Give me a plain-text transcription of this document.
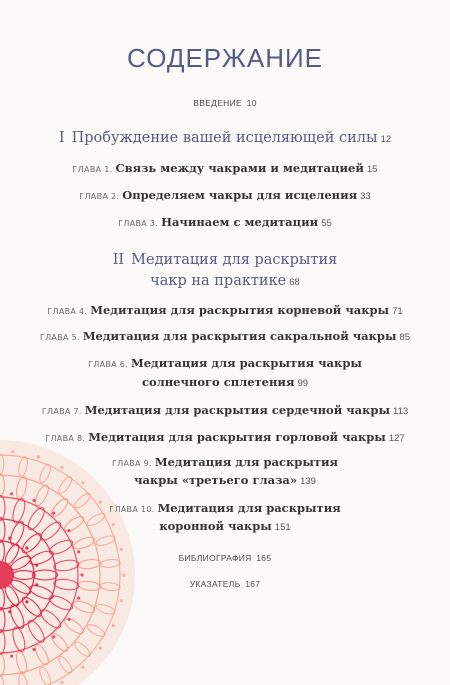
СОДЕРЖАНИЕ
ВВЕДЕНИЕ 10
I Пробуждение вашей исцеляющей силы 12
ГЛАВА 1. Связь между чакрами и медитацией 15
ГЛАВА 2. Определяем чакры для исцеления 33
ГЛАВА 3. Начинаем с медитации 55
II Медитация для раскрытия
чакр на практике 68
ГЛАВА 4. Медитация для раскрытия корневой чакры 71
ГЛАВА 5. Медитация для раскрытия сакральной чакры 85
ГЛАВА 6. Медитация для раскрытия чакры
солнечного сплетения 99
ГЛАВА 7. Медитация для раскрытия сердечной чакры 113
ГЛАВА 8. Медитация для раскрытия горловой чакры 127
ГЛАВА 9. Медитация для раскрытия
чакры «третьего глаза» 139
ГЛАВА 10. Медитация для раскрытия
коронной чакры 151
БИБЛИОГРАФИЯ 165
УКАЗАТЕЛЬ 167
